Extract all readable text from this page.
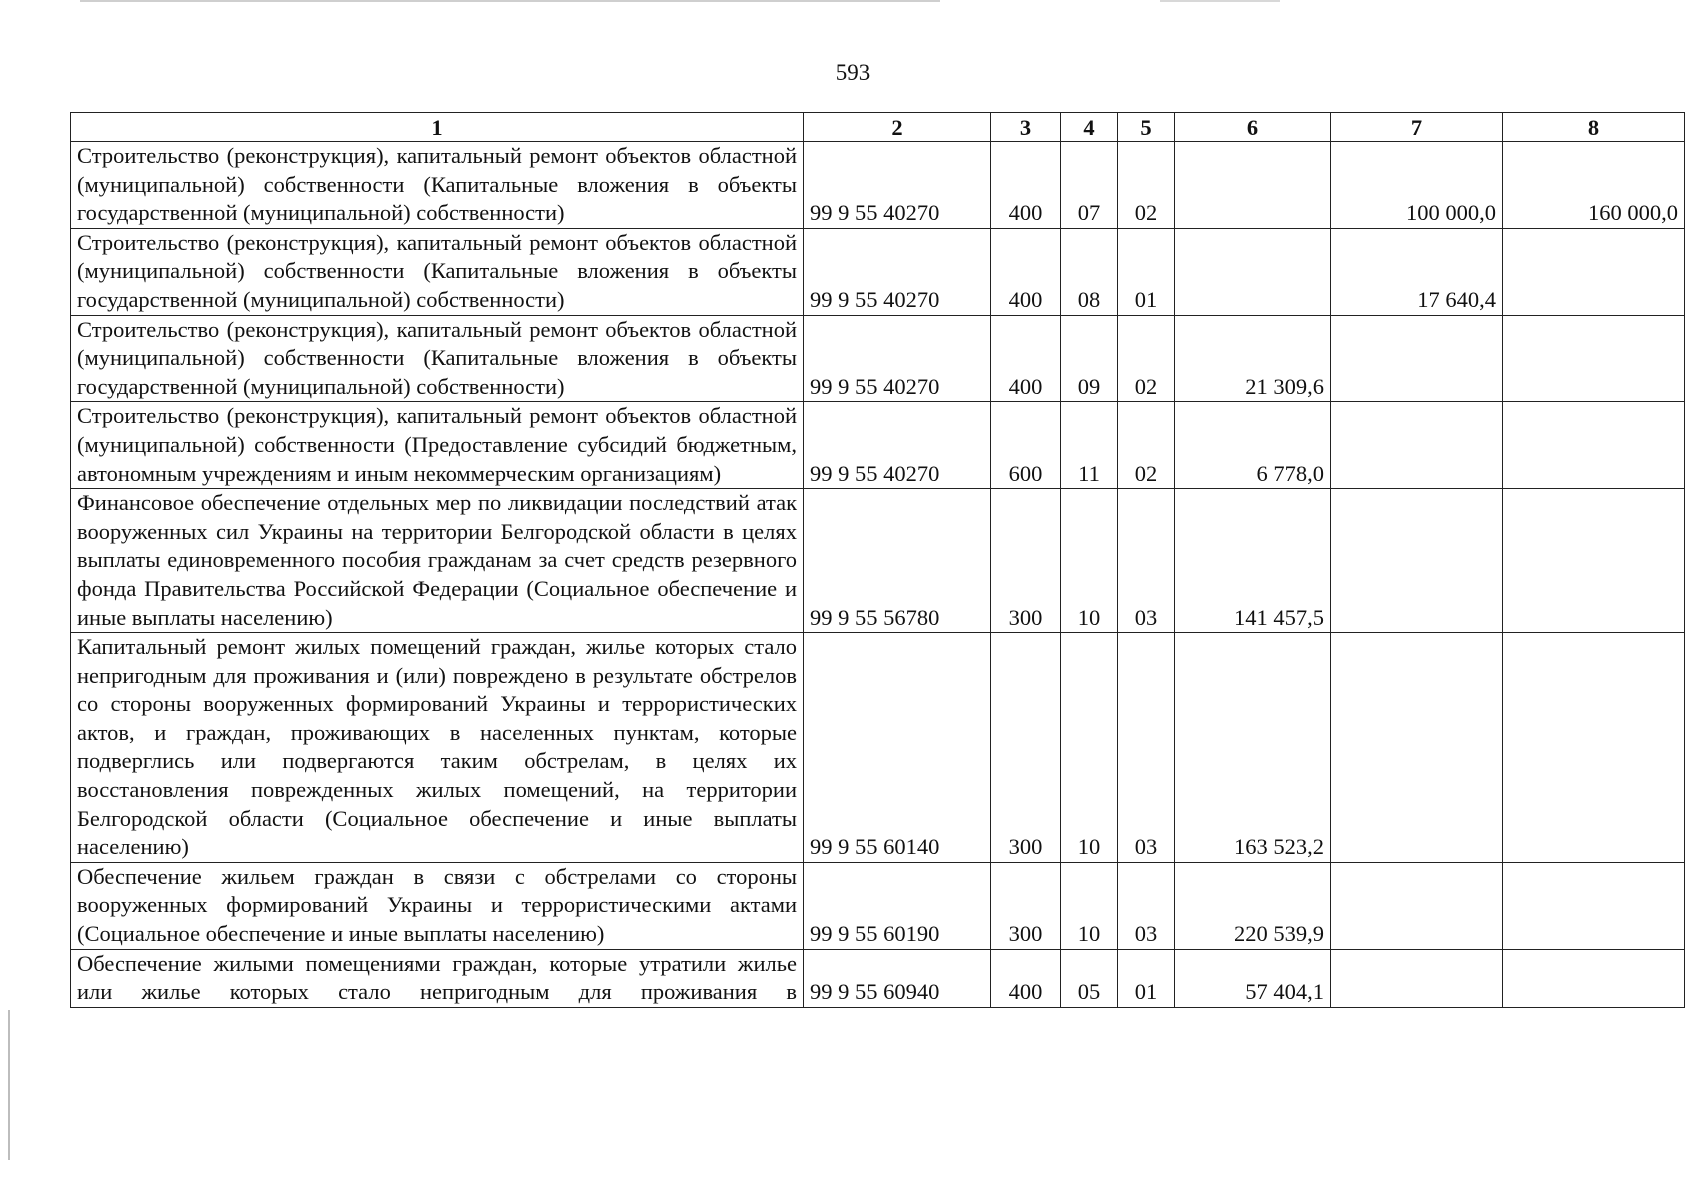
593
1	2	3	4	5	6	7	8
Строительство (реконструкция), капитальный ремонт объектов областной (муниципальной) собственности (Капитальные вложения в объекты государственной (муниципальной) собственности)	99 9 55 40270	400	07	02		100 000,0	160 000,0
Строительство (реконструкция), капитальный ремонт объектов областной (муниципальной) собственности (Капитальные вложения в объекты государственной (муниципальной) собственности)	99 9 55 40270	400	08	01		17 640,4	
Строительство (реконструкция), капитальный ремонт объектов областной (муниципальной) собственности (Капитальные вложения в объекты государственной (муниципальной) собственности)	99 9 55 40270	400	09	02	21 309,6		
Строительство (реконструкция), капитальный ремонт объектов областной (муниципальной) собственности (Предоставление субсидий бюджетным, автономным учреждениям и иным некоммерческим организациям)	99 9 55 40270	600	11	02	6 778,0		
Финансовое обеспечение отдельных мер по ликвидации последствий атак вооруженных сил Украины на территории Белгородской области в целях выплаты единовременного пособия гражданам за счет средств резервного фонда Правительства Российской Федерации (Социальное обеспечение и иные выплаты населению)	99 9 55 56780	300	10	03	141 457,5		
Капитальный ремонт жилых помещений граждан, жилье которых стало непригодным для проживания и (или) повреждено в результате обстрелов со стороны вооруженных формирований Украины и террористических актов, и граждан, проживающих в населенных пунктам, которые подверглись или подвергаются таким обстрелам, в целях их восстановления поврежденных жилых помещений, на территории Белгородской области (Социальное обеспечение и иные выплаты населению)	99 9 55 60140	300	10	03	163 523,2		
Обеспечение жильем граждан в связи с обстрелами со стороны вооруженных формирований Украины и террористическими актами (Социальное обеспечение и иные выплаты населению)	99 9 55 60190	300	10	03	220 539,9		
Обеспечение жилыми помещениями граждан, которые утратили жилье или жилье которых стало непригодным для проживания в	99 9 55 60940	400	05	01	57 404,1		
